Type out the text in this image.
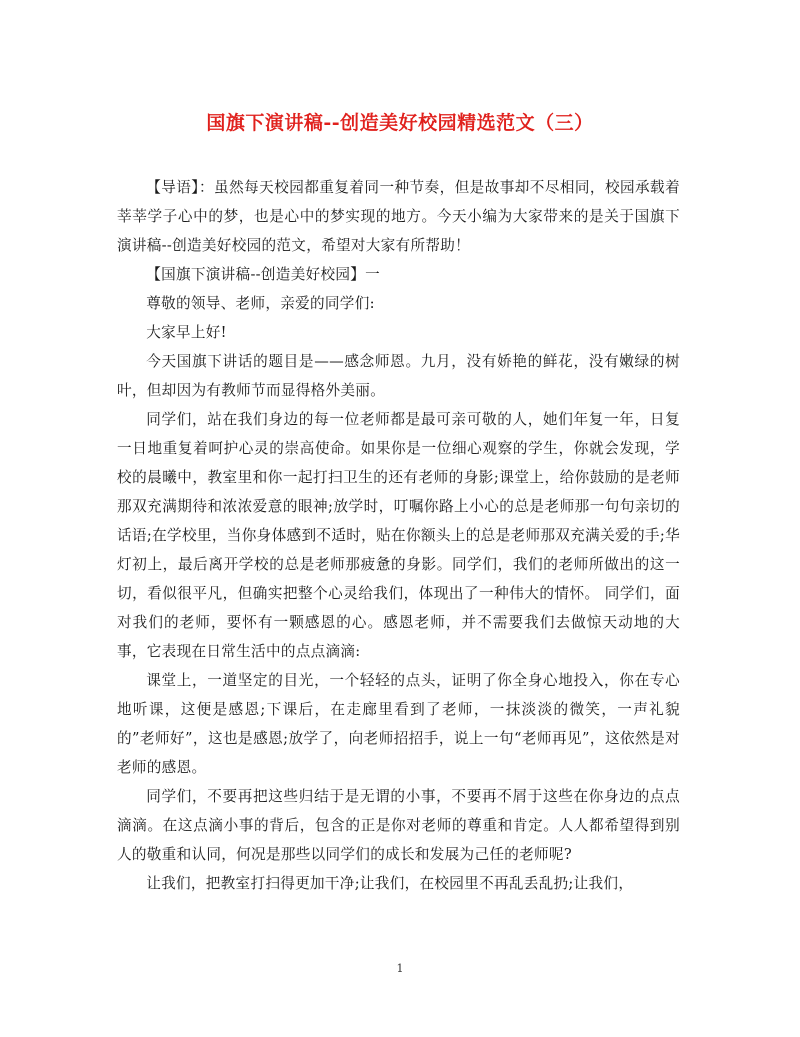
国旗下演讲稿--创造美好校园精选范文（三）

【导语】：虽然每天校园都重复着同一种节奏，但是故事却不尽相同，校园承载着莘莘学子心中的梦，也是心中的梦实现的地方。今天小编为大家带来的是关于国旗下演讲稿--创造美好校园的范文，希望对大家有所帮助！

【国旗下演讲稿--创造美好校园】一

尊敬的领导、老师，亲爱的同学们:

大家早上好!

今天国旗下讲话的题目是——感念师恩。九月，没有娇艳的鲜花，没有嫩绿的树叶，但却因为有教师节而显得格外美丽。

同学们，站在我们身边的每一位老师都是最可亲可敬的人，她们年复一年，日复一日地重复着呵护心灵的崇高使命。如果你是一位细心观察的学生，你就会发现，学校的晨曦中，教室里和你一起打扫卫生的还有老师的身影;课堂上，给你鼓励的是老师那双充满期待和浓浓爱意的眼神;放学时，叮嘱你路上小心的总是老师那一句句亲切的话语;在学校里，当你身体感到不适时，贴在你额头上的总是老师那双充满关爱的手;华灯初上，最后离开学校的总是老师那疲惫的身影。同学们，我们的老师所做出的这一切，看似很平凡，但确实把整个心灵给我们，体现出了一种伟大的情怀。 同学们，面对我们的老师，要怀有一颗感恩的心。感恩老师，并不需要我们去做惊天动地的大事，它表现在日常生活中的点点滴滴:

课堂上，一道坚定的目光，一个轻轻的点头，证明了你全身心地投入，你在专心地听课，这便是感恩;下课后，在走廊里看到了老师，一抹淡淡的微笑，一声礼貌的”老师好”，这也是感恩;放学了，向老师招招手，说上一句“老师再见”，这依然是对老师的感恩。

同学们，不要再把这些归结于是无谓的小事，不要再不屑于这些在你身边的点点滴滴。在这点滴小事的背后，包含的正是你对老师的尊重和肯定。人人都希望得到别人的敬重和认同，何况是那些以同学们的成长和发展为己任的老师呢?

让我们，把教室打扫得更加干净;让我们，在校园里不再乱丢乱扔;让我们，

1
